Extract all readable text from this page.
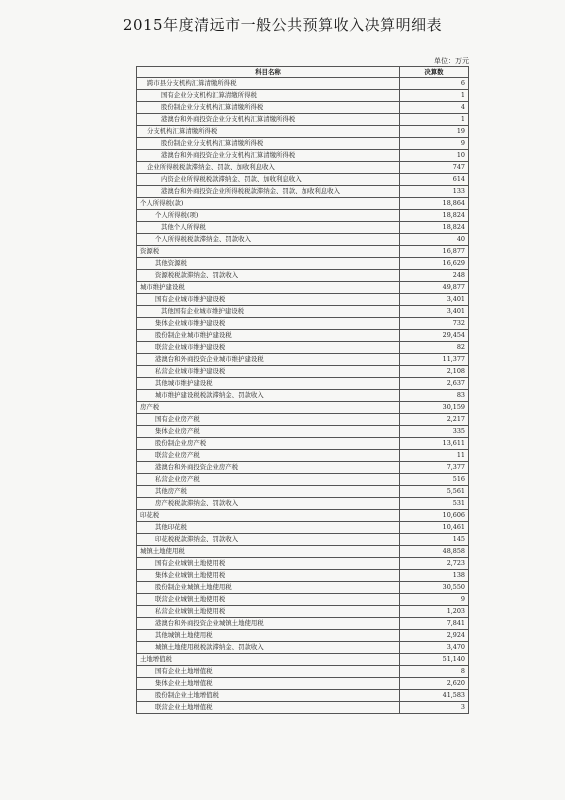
2015年度清远市一般公共预算收入决算明细表
单位：万元
科目名称	决算数
跨市县分支机构汇算清缴所得税	6
国有企业分支机构汇算清缴所得税	1
股份制企业分支机构汇算清缴所得税	4
港澳台和外商投资企业分支机构汇算清缴所得税	1
分支机构汇算清缴所得税	19
股份制企业分支机构汇算清缴所得税	9
港澳台和外商投资企业分支机构汇算清缴所得税	10
企业所得税税款滞纳金、罚款、加收利息收入	747
内资企业所得税税款滞纳金、罚款、加收利息收入	614
港澳台和外商投资企业所得税税款滞纳金、罚款、加收利息收入	133
个人所得税(款)	18,864
个人所得税(项)	18,824
其他个人所得税	18,824
个人所得税税款滞纳金、罚款收入	40
资源税	16,877
其他资源税	16,629
资源税税款滞纳金、罚款收入	248
城市维护建设税	49,877
国有企业城市维护建设税	3,401
其他国有企业城市维护建设税	3,401
集体企业城市维护建设税	732
股份制企业城市维护建设税	29,454
联营企业城市维护建设税	82
港澳台和外商投资企业城市维护建设税	11,377
私营企业城市维护建设税	2,108
其他城市维护建设税	2,637
城市维护建设税税款滞纳金、罚款收入	83
房产税	30,159
国有企业房产税	2,217
集体企业房产税	335
股份制企业房产税	13,611
联营企业房产税	11
港澳台和外商投资企业房产税	7,377
私营企业房产税	516
其他房产税	5,561
房产税税款滞纳金、罚款收入	531
印花税	10,606
其他印花税	10,461
印花税税款滞纳金、罚款收入	145
城镇土地使用税	48,858
国有企业城镇土地使用税	2,723
集体企业城镇土地使用税	138
股份制企业城镇土地使用税	30,550
联营企业城镇土地使用税	9
私营企业城镇土地使用税	1,203
港澳台和外商投资企业城镇土地使用税	7,841
其他城镇土地使用税	2,924
城镇土地使用税税款滞纳金、罚款收入	3,470
土地增值税	51,140
国有企业土地增值税	8
集体企业土地增值税	2,620
股份制企业土地增值税	41,583
联营企业土地增值税	3
